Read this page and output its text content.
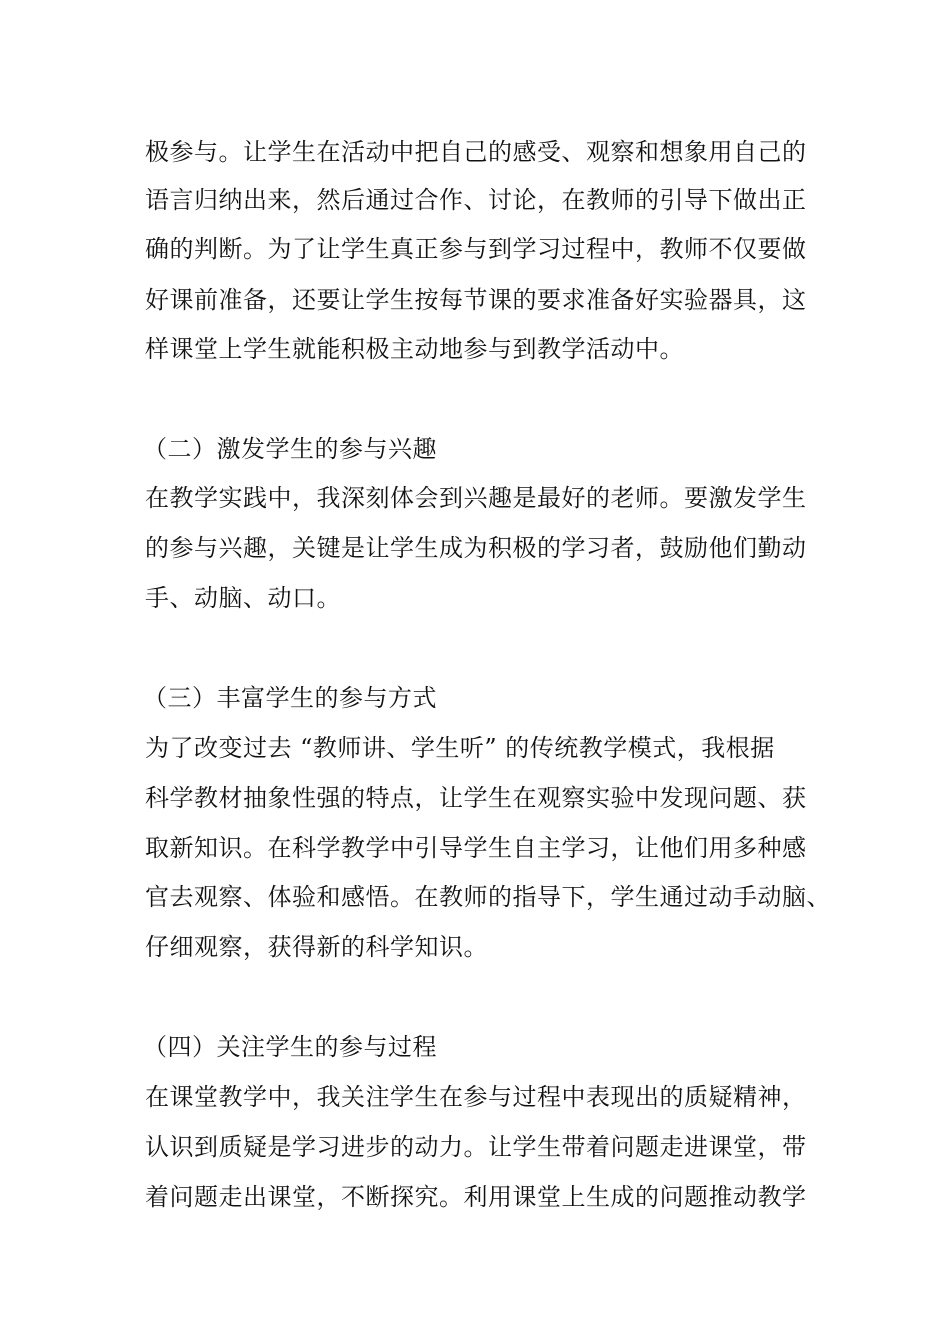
极参与。让学生在活动中把自己的感受、观察和想象用自己的
语言归纳出来，然后通过合作、讨论，在教师的引导下做出正
确的判断。为了让学生真正参与到学习过程中，教师不仅要做
好课前准备，还要让学生按每节课的要求准备好实验器具，这
样课堂上学生就能积极主动地参与到教学活动中。
（二）激发学生的参与兴趣
在教学实践中，我深刻体会到兴趣是最好的老师。要激发学生
的参与兴趣，关键是让学生成为积极的学习者，鼓励他们勤动
手、动脑、动口。
（三）丰富学生的参与方式
为了改变过去 “教师讲、学生听” 的传统教学模式，我根据
科学教材抽象性强的特点，让学生在观察实验中发现问题、获
取新知识。在科学教学中引导学生自主学习，让他们用多种感
官去观察、体验和感悟。在教师的指导下，学生通过动手动脑、
仔细观察，获得新的科学知识。
（四）关注学生的参与过程
在课堂教学中，我关注学生在参与过程中表现出的质疑精神，
认识到质疑是学习进步的动力。让学生带着问题走进课堂，带
着问题走出课堂，不断探究。利用课堂上生成的问题推动教学
